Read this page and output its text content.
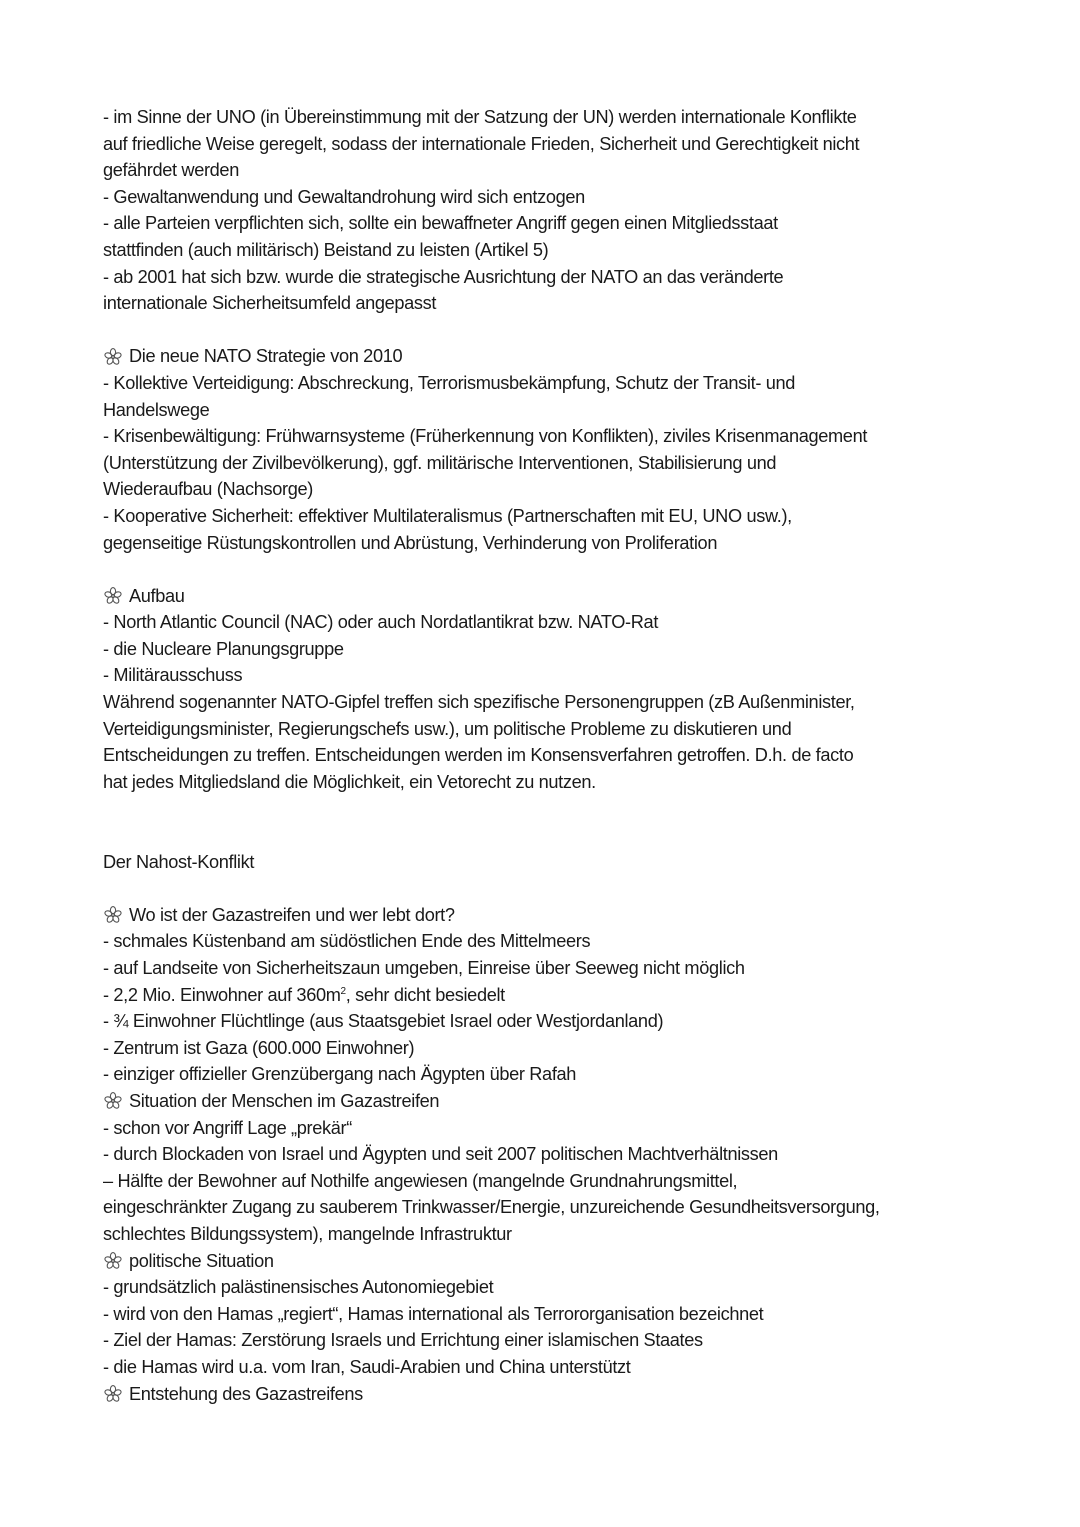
- im Sinne der UNO (in Übereinstimmung mit der Satzung der UN) werden internationale Konflikte
auf friedliche Weise geregelt, sodass der internationale Frieden, Sicherheit und Gerechtigkeit nicht
gefährdet werden
- Gewaltanwendung und Gewaltandrohung wird sich entzogen
- alle Parteien verpflichten sich, sollte ein bewaffneter Angriff gegen einen Mitgliedsstaat
stattfinden (auch militärisch) Beistand zu leisten (Artikel 5)
- ab 2001 hat sich bzw. wurde die strategische Ausrichtung der NATO an das veränderte
internationale Sicherheitsumfeld angepasst
Die neue NATO Strategie von 2010
- Kollektive Verteidigung: Abschreckung, Terrorismusbekämpfung, Schutz der Transit- und
Handelswege
- Krisenbewältigung: Frühwarnsysteme (Früherkennung von Konflikten), ziviles Krisenmanagement
(Unterstützung der Zivilbevölkerung), ggf. militärische Interventionen, Stabilisierung und
Wiederaufbau (Nachsorge)
- Kooperative Sicherheit: effektiver Multilateralismus (Partnerschaften mit EU, UNO usw.),
gegenseitige Rüstungskontrollen und Abrüstung, Verhinderung von Proliferation
Aufbau
- North Atlantic Council (NAC) oder auch Nordatlantikrat bzw. NATO-Rat
- die Nucleare Planungsgruppe
- Militärausschuss
Während sogenannter NATO-Gipfel treffen sich spezifische Personengruppen (zB Außenminister,
Verteidigungsminister, Regierungschefs usw.), um politische Probleme zu diskutieren und
Entscheidungen zu treffen. Entscheidungen werden im Konsensverfahren getroffen. D.h. de facto
hat jedes Mitgliedsland die Möglichkeit, ein Vetorecht zu nutzen.
Der Nahost-Konflikt
Wo ist der Gazastreifen und wer lebt dort?
- schmales Küstenband am südöstlichen Ende des Mittelmeers
- auf Landseite von Sicherheitszaun umgeben, Einreise über Seeweg nicht möglich
- 2,2 Mio. Einwohner auf $360m^2$, sehr dicht besiedelt
- ¾ Einwohner Flüchtlinge (aus Staatsgebiet Israel oder Westjordanland)
- Zentrum ist Gaza (600.000 Einwohner)
- einziger offizieller Grenzübergang nach Ägypten über Rafah
Situation der Menschen im Gazastreifen
- schon vor Angriff Lage „prekär“
- durch Blockaden von Israel und Ägypten und seit 2007 politischen Machtverhältnissen
– Hälfte der Bewohner auf Nothilfe angewiesen (mangelnde Grundnahrungsmittel,
eingeschränkter Zugang zu sauberem Trinkwasser/Energie, unzureichende Gesundheitsversorgung,
schlechtes Bildungssystem), mangelnde Infrastruktur
politische Situation
- grundsätzlich palästinensisches Autonomiegebiet
- wird von den Hamas „regiert“, Hamas international als Terrororganisation bezeichnet
- Ziel der Hamas: Zerstörung Israels und Errichtung einer islamischen Staates
- die Hamas wird u.a. vom Iran, Saudi-Arabien und China unterstützt
Entstehung des Gazastreifens
